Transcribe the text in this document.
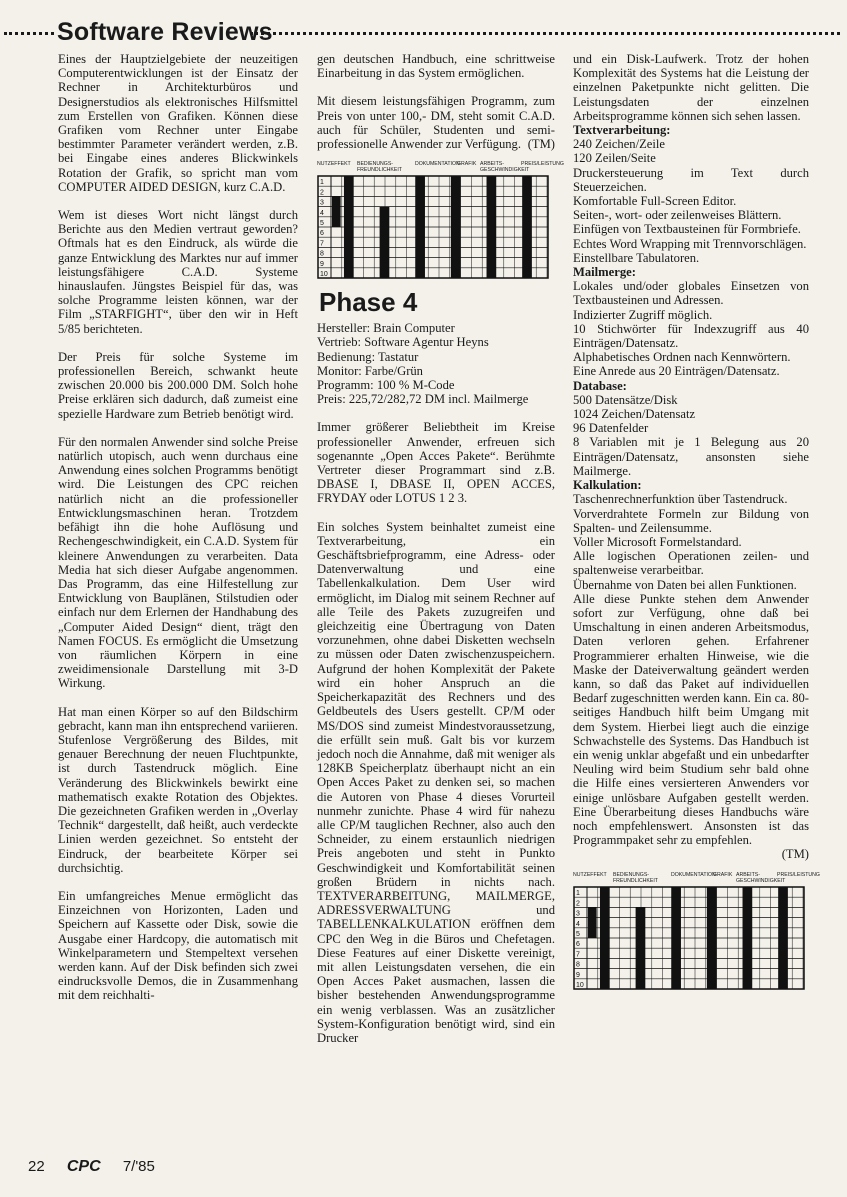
Software Reviews

Eines der Hauptzielgebiete der neuzeitigen Computerentwicklungen ist der Einsatz der Rechner in Architekturbüros und Designerstudios als elektronisches Hilfsmittel zum Erstellen von Grafiken. Können diese Grafiken vom Rechner unter Eingabe bestimmter Parameter verändert werden, z.B. bei Eingabe eines anderes Blickwinkels Rotation der Grafik, so spricht man vom COMPUTER AIDED DESIGN, kurz C.A.D.

Wem ist dieses Wort nicht längst durch Berichte aus den Medien vertraut geworden? Oftmals hat es den Eindruck, als würde die ganze Entwicklung des Marktes nur auf immer leistungsfähigere C.A.D. Systeme hinauslaufen. Jüngstes Beispiel für das, was solche Programme leisten können, war der Film „STARFIGHT“, über den wir in Heft 5/85 berichteten.

Der Preis für solche Systeme im professionellen Bereich, schwankt heute zwischen 20.000 bis 200.000 DM. Solch hohe Preise erklären sich dadurch, daß zumeist eine spezielle Hardware zum Betrieb benötigt wird.

Für den normalen Anwender sind solche Preise natürlich utopisch, auch wenn durchaus eine Anwendung eines solchen Programms benötigt wird. Die Leistungen des CPC reichen natürlich nicht an die professioneller Entwicklungsmaschinen heran. Trotzdem befähigt ihn die hohe Auflösung und Rechengeschwindigkeit, ein C.A.D. System für kleinere Anwendungen zu verarbeiten. Data Media hat sich dieser Aufgabe angenommen. Das Programm, das eine Hilfestellung zur Entwicklung von Bauplänen, Stilstudien oder einfach nur dem Erlernen der Handhabung des „Computer Aided Design“ dient, trägt den Namen FOCUS. Es ermöglicht die Umsetzung von räumlichen Körpern in eine zweidimensionale Darstellung mit 3-D Wirkung.

Hat man einen Körper so auf den Bildschirm gebracht, kann man ihn entsprechend variieren. Stufenlose Vergrößerung des Bildes, mit genauer Berechnung der neuen Fluchtpunkte, ist durch Tastendruck möglich. Eine Veränderung des Blickwinkels bewirkt eine mathematisch exakte Rotation des Objektes. Die gezeichneten Grafiken werden in „Overlay Technik“ dargestellt, daß heißt, auch verdeckte Linien werden gezeichnet. So entsteht der Eindruck, der bearbeitete Körper sei durchsichtig.

Ein umfangreiches Menue ermöglicht das Einzeichnen von Horizonten, Laden und Speichern auf Kassette oder Disk, sowie die Ausgabe einer Hardcopy, die automatisch mit Winkelparametern und Stempeltext versehen werden kann. Auf der Disk befinden sich zwei eindrucksvolle Demos, die in Zusammenhang mit dem reichhalti-

gen deutschen Handbuch, eine schrittweise Einarbeitung in das System ermöglichen.

Mit diesem leistungsfähigen Programm, zum Preis von unter 100,- DM, steht somit C.A.D. auch für Schüler, Studenten und semi-professionelle Anwender zur Verfügung. (TM)

NUTZEFFEKT BEDIENUNGS-FREUNDLICHKEIT
DOKUMENTATION
GRAFIK ARBEITS-GESCHWINDIGKEIT
PREIS/LEISTUNG
1
2
3
4
5
6
7
8
9
10
Phase 4
Hersteller: Brain Computer
Vertrieb: Software Agentur Heyns
Bedienung: Tastatur
Monitor: Farbe/Grün
Programm: 100 % M-Code
Preis: 225,72/282,72 DM incl. Mailmerge

Immer größerer Beliebtheit im Kreise professioneller Anwender, erfreuen sich sogenannte „Open Acces Pakete“. Berühmte Vertreter dieser Programmart sind z.B. DBASE I, DBASE II, OPEN ACCES, FRYDAY oder LOTUS 1 2 3.

Ein solches System beinhaltet zumeist eine Textverarbeitung, ein Geschäftsbriefprogramm, eine Adress- oder Datenverwaltung und eine Tabellenkalkulation. Dem User wird ermöglicht, im Dialog mit seinem Rechner auf alle Teile des Pakets zuzugreifen und gleichzeitig eine Übertragung von Daten vorzunehmen, ohne dabei Disketten wechseln zu müssen oder Daten zwischenzuspeichern. Aufgrund der hohen Komplexität der Pakete wird ein hoher Anspruch an die Speicherkapazität des Rechners und des Geldbeutels des Users gestellt. CP/M oder MS/DOS sind zumeist Mindestvoraussetzung, die erfüllt sein muß. Galt bis vor kurzem jedoch noch die Annahme, daß mit weniger als 128KB Speicherplatz überhaupt nicht an ein Open Acces Paket zu denken sei, so machen die Autoren von Phase 4 dieses Vorurteil nunmehr zunichte. Phase 4 wird für nahezu alle CP/M tauglichen Rechner, also auch den Schneider, zu einem erstaunlich niedrigen Preis angeboten und steht in Punkto Geschwindigkeit und Komfortabilität seinen großen Brüdern in nichts nach. TEXTVERARBEITUNG, MAILMERGE, ADRESSVERWALTUNG und TABELLENKALKULATION eröffnen dem CPC den Weg in die Büros und Chefetagen. Diese Features auf einer Diskette vereinigt, mit allen Leistungsdaten versehen, die ein Open Acces Paket ausmachen, lassen die bisher bestehenden Anwendungsprogramme ein wenig verblassen. Was an zusätzlicher System-Konfiguration benötigt wird, sind ein Drucker

und ein Disk-Laufwerk. Trotz der hohen Komplexität des Systems hat die Leistung der einzelnen Paketpunkte nicht gelitten. Die Leistungsdaten der einzelnen Arbeitsprogramme können sich sehen lassen.
Textverarbeitung:
240 Zeichen/Zeile
120 Zeilen/Seite
Druckersteuerung im Text durch Steuerzeichen.
Komfortable Full-Screen Editor.
Seiten-, wort- oder zeilenweises Blättern.
Einfügen von Textbausteinen für Formbriefe.
Echtes Word Wrapping mit Trennvorschlägen.
Einstellbare Tabulatoren.
Mailmerge:
Lokales und/oder globales Einsetzen von Textbausteinen und Adressen.
Indizierter Zugriff möglich.
10 Stichwörter für Indexzugriff aus 40 Einträgen/Datensatz.
Alphabetisches Ordnen nach Kennwörtern.
Eine Anrede aus 20 Einträgen/Datensatz.
Database:
500 Datensätze/Disk
1024 Zeichen/Datensatz
96 Datenfelder
8 Variablen mit je 1 Belegung aus 20 Einträgen/Datensatz, ansonsten siehe Mailmerge.
Kalkulation:
Taschenrechnerfunktion über Tastendruck.
Vorverdrahtete Formeln zur Bildung von Spalten- und Zeilensumme.
Voller Microsoft Formelstandard.
Alle logischen Operationen zeilen- und spaltenweise verarbeitbar.
Übernahme von Daten bei allen Funktionen.
Alle diese Punkte stehen dem Anwender sofort zur Verfügung, ohne daß bei Umschaltung in einen anderen Arbeitsmodus, Daten verloren gehen. Erfahrener Programmierer erhalten Hinweise, wie die Maske der Dateiverwaltung geändert werden kann, so daß das Paket auf individuellen Bedarf zugeschnitten werden kann. Ein ca. 80-seitiges Handbuch hilft beim Umgang mit dem System. Hierbei liegt auch die einzige Schwachstelle des Systems. Das Handbuch ist ein wenig unklar abgefaßt und ein unbedarfter Neuling wird beim Studium sehr bald ohne die Hilfe eines versierteren Anwenders vor einige unlösbare Aufgaben gestellt werden. Eine Überarbeitung dieses Handbuchs wäre noch empfehlenswert. Ansonsten ist das Programmpaket sehr zu empfehlen.
(TM)
NUTZEFFEKT BEDIENUNGS-FREUNDLICHKEIT
DOKUMENTATION
GRAFIK ARBEITS-GESCHWINDIGKEIT
PREIS/LEISTUNG
1
2
3
4
5
6
7
8
9
10
22 CPC 7/'85
